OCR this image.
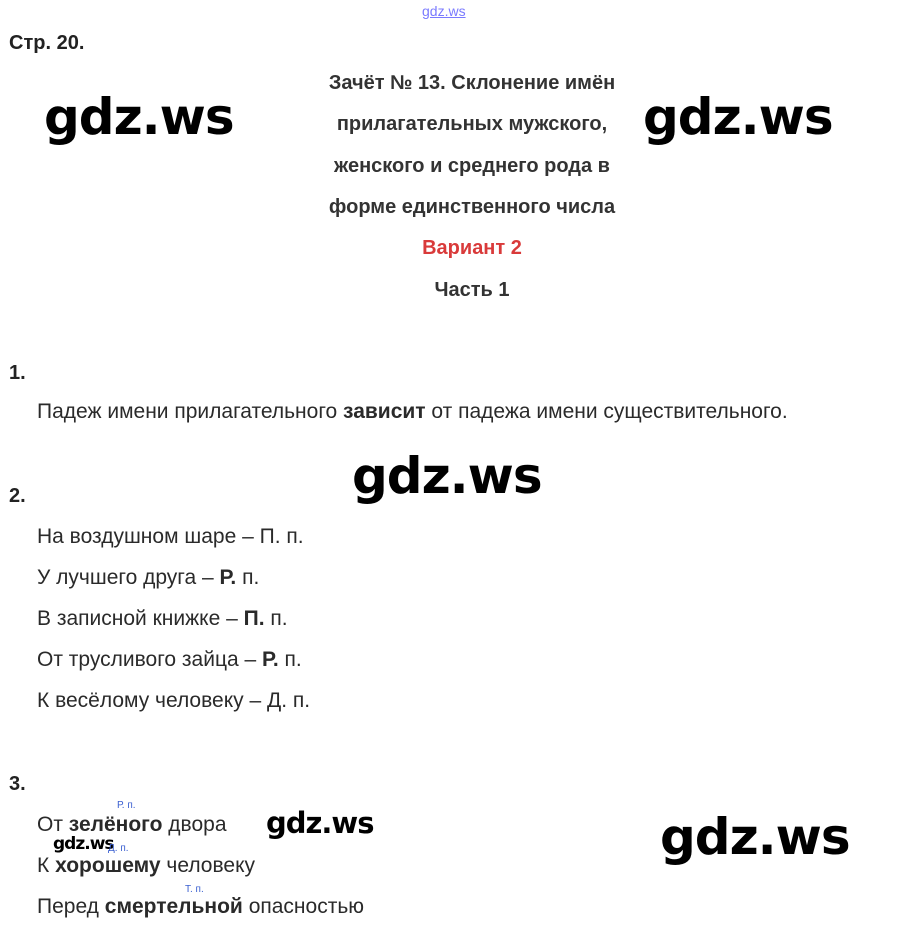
gdz.ws
gdz.ws	gdz.ws
gdz.ws
gdz.ws	gdz.ws
gdz.ws
Стр. 20.
Зачёт № 13. Склонение имён
прилагательных мужского,
женского и среднего рода в
форме единственного числа
Вариант 2
Часть 1
1.
Падеж имени прилагательного зависит от падежа имени существительного.
2.
На воздушном шаре – П. п.
У лучшего друга – Р. п.
В записной книжке – П. п.
От трусливого зайца – Р. п.
К весёлому человеку – Д. п.
3.
Р. п.
От зелёного двора
Д. п.
К хорошему человеку
Т. п.
Перед смертельной опасностью
